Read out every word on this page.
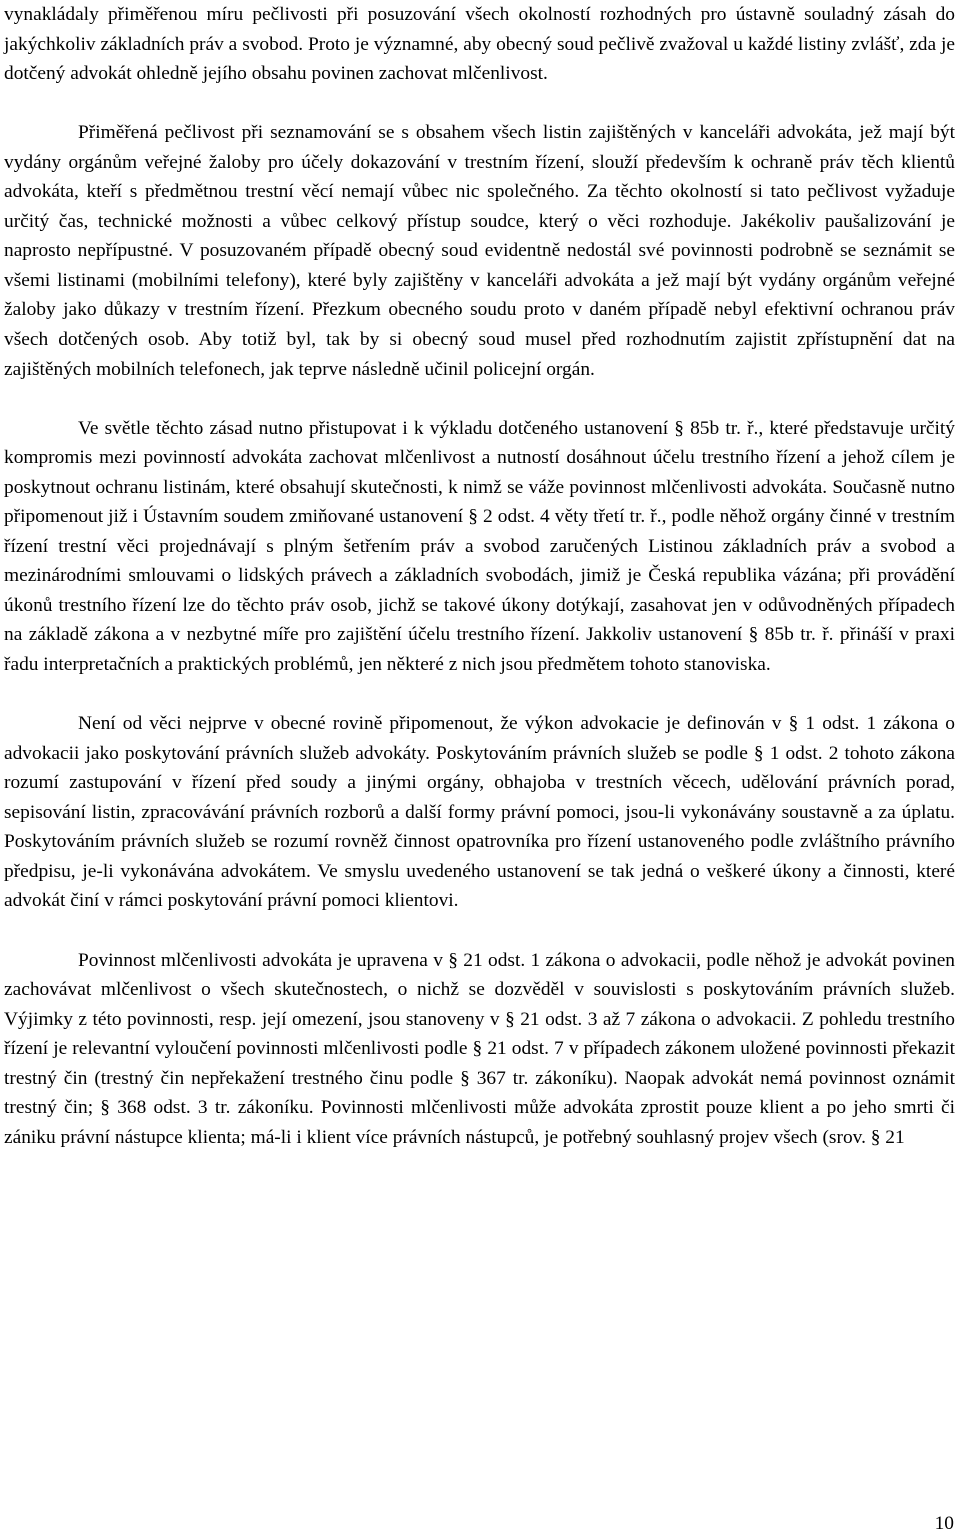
vynakládaly přiměřenou míru pečlivosti při posuzování všech okolností rozhodných pro ústavně souladný zásah do jakýchkoliv základních práv a svobod. Proto je významné, aby obecný soud pečlivě zvažoval u každé listiny zvlášť, zda je dotčený advokát ohledně jejího obsahu povinen zachovat mlčenlivost.

Přiměřená pečlivost při seznamování se s obsahem všech listin zajištěných v kanceláři advokáta, jež mají být vydány orgánům veřejné žaloby pro účely dokazování v trestním řízení, slouží především k ochraně práv těch klientů advokáta, kteří s předmětnou trestní věcí nemají vůbec nic společného. Za těchto okolností si tato pečlivost vyžaduje určitý čas, technické možnosti a vůbec celkový přístup soudce, který o věci rozhoduje. Jakékoliv paušalizování je naprosto nepřípustné. V posuzovaném případě obecný soud evidentně nedostál své povinnosti podrobně se seznámit se všemi listinami (mobilními telefony), které byly zajištěny v kanceláři advokáta a jež mají být vydány orgánům veřejné žaloby jako důkazy v trestním řízení. Přezkum obecného soudu proto v daném případě nebyl efektivní ochranou práv všech dotčených osob. Aby totiž byl, tak by si obecný soud musel před rozhodnutím zajistit zpřístupnění dat na zajištěných mobilních telefonech, jak teprve následně učinil policejní orgán.

Ve světle těchto zásad nutno přistupovat i k výkladu dotčeného ustanovení § 85b tr. ř., které představuje určitý kompromis mezi povinností advokáta zachovat mlčenlivost a nutností dosáhnout účelu trestního řízení a jehož cílem je poskytnout ochranu listinám, které obsahují skutečnosti, k nimž se váže povinnost mlčenlivosti advokáta. Současně nutno připomenout již i Ústavním soudem zmiňované ustanovení § 2 odst. 4 věty třetí tr. ř., podle něhož orgány činné v trestním řízení trestní věci projednávají s plným šetřením práv a svobod zaručených Listinou základních práv a svobod a mezinárodními smlouvami o lidských právech a základních svobodách, jimiž je Česká republika vázána; při provádění úkonů trestního řízení lze do těchto práv osob, jichž se takové úkony dotýkají, zasahovat jen v odůvodněných případech na základě zákona a v nezbytné míře pro zajištění účelu trestního řízení. Jakkoliv ustanovení § 85b tr. ř. přináší v praxi řadu interpretačních a praktických problémů, jen některé z nich jsou předmětem tohoto stanoviska.

Není od věci nejprve v obecné rovině připomenout, že výkon advokacie je definován v § 1 odst. 1 zákona o advokacii jako poskytování právních služeb advokáty. Poskytováním právních služeb se podle § 1 odst. 2 tohoto zákona rozumí zastupování v řízení před soudy a jinými orgány, obhajoba v trestních věcech, udělování právních porad, sepisování listin, zpracovávání právních rozborů a další formy právní pomoci, jsou-li vykonávány soustavně a za úplatu. Poskytováním právních služeb se rozumí rovněž činnost opatrovníka pro řízení ustanoveného podle zvláštního právního předpisu, je-li vykonávána advokátem. Ve smyslu uvedeného ustanovení se tak jedná o veškeré úkony a činnosti, které advokát činí v rámci poskytování právní pomoci klientovi.

Povinnost mlčenlivosti advokáta je upravena v § 21 odst. 1 zákona o advokacii, podle něhož je advokát povinen zachovávat mlčenlivost o všech skutečnostech, o nichž se dozvěděl v souvislosti s poskytováním právních služeb. Výjimky z této povinnosti, resp. její omezení, jsou stanoveny v § 21 odst. 3 až 7 zákona o advokacii. Z pohledu trestního řízení je relevantní vyloučení povinnosti mlčenlivosti podle § 21 odst. 7 v případech zákonem uložené povinnosti překazit trestný čin (trestný čin nepřekažení trestného činu podle § 367 tr. zákoníku). Naopak advokát nemá povinnost oznámit trestný čin; § 368 odst. 3 tr. zákoníku. Povinnosti mlčenlivosti může advokáta zprostit pouze klient a po jeho smrti či zániku právní nástupce klienta; má-li i klient více právních nástupců, je potřebný souhlasný projev všech (srov. § 21

10
